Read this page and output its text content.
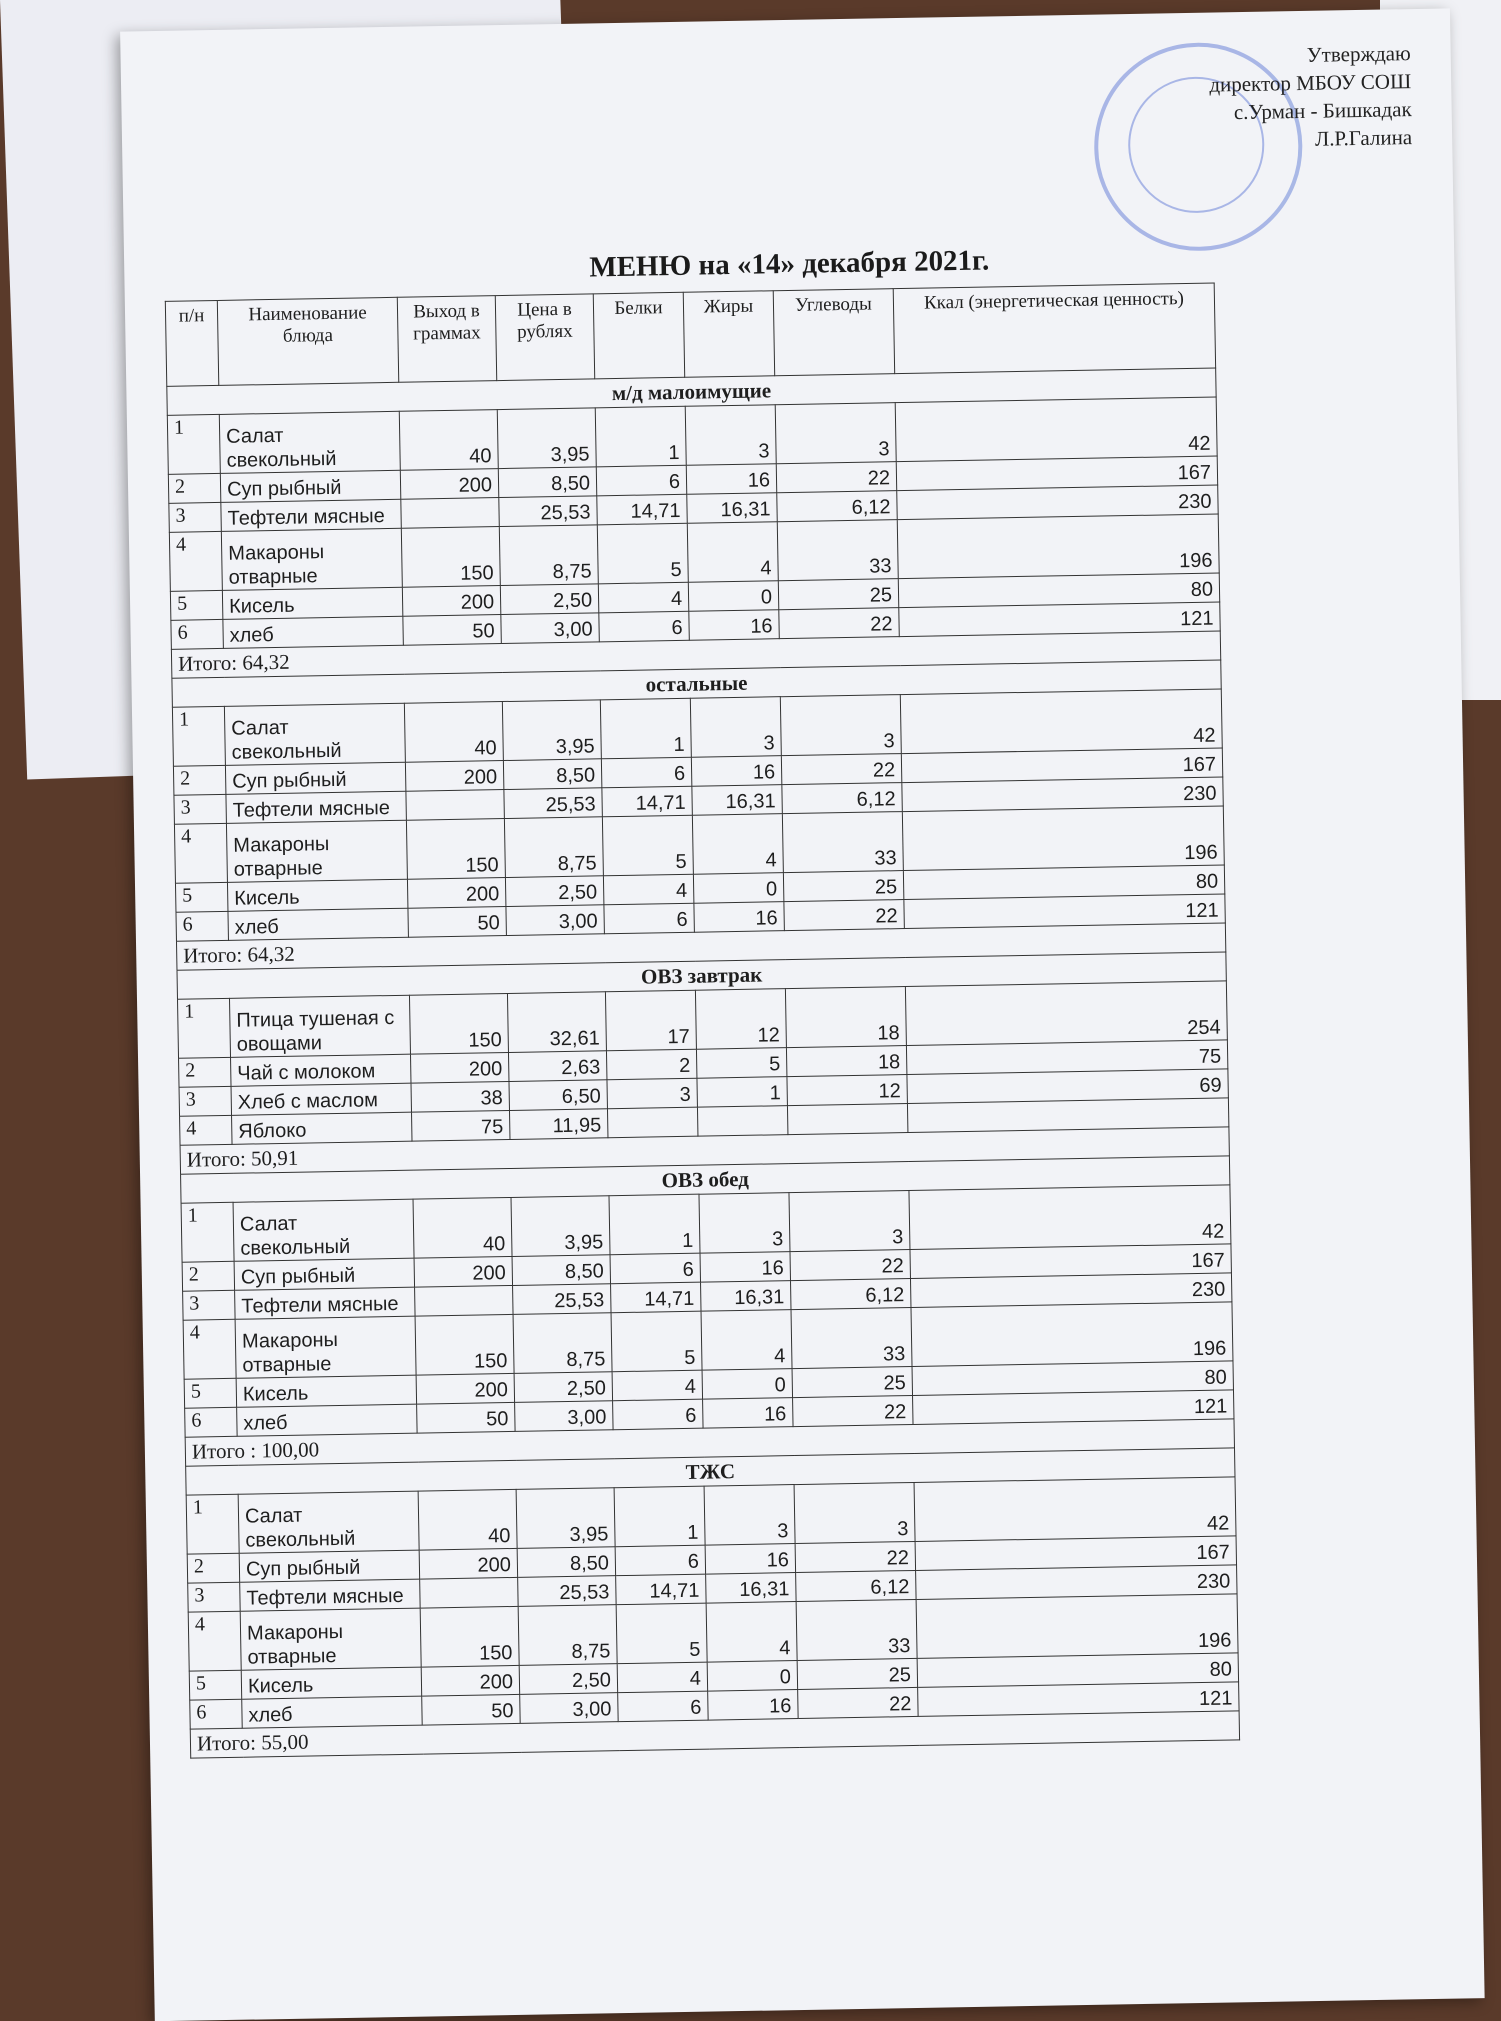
Утверждаю
директор МБОУ СОШ
с.Урман - Бишкадак
Л.Р.Галина
МЕНЮ на «14» декабря 2021г.
п/н	Наименование блюда	Выход в граммах	Цена в рублях	Белки	Жиры	Углеводы	Ккал (энергетическая ценность)
м/д малоимущие							
1	Салат свекольный	40	3,95	1	3	3	42
2	Суп рыбный	200	8,50	6	16	22	167
3	Тефтели мясные		25,53	14,71	16,31	6,12	230
4	Макароны отварные	150	8,75	5	4	33	196
5	Кисель	200	2,50	4	0	25	80
6	хлеб	50	3,00	6	16	22	121
Итого: 64,32							
остальные							
1	Салат свекольный	40	3,95	1	3	3	42
2	Суп рыбный	200	8,50	6	16	22	167
3	Тефтели мясные		25,53	14,71	16,31	6,12	230
4	Макароны отварные	150	8,75	5	4	33	196
5	Кисель	200	2,50	4	0	25	80
6	хлеб	50	3,00	6	16	22	121
Итого: 64,32							
ОВЗ завтрак							
1	Птица тушеная с овощами	150	32,61	17	12	18	254
2	Чай с молоком	200	2,63	2	5	18	75
3	Хлеб с маслом	38	6,50	3	1	12	69
4	Яблоко	75	11,95				
Итого: 50,91							
ОВЗ обед							
1	Салат свекольный	40	3,95	1	3	3	42
2	Суп рыбный	200	8,50	6	16	22	167
3	Тефтели мясные		25,53	14,71	16,31	6,12	230
4	Макароны отварные	150	8,75	5	4	33	196
5	Кисель	200	2,50	4	0	25	80
6	хлеб	50	3,00	6	16	22	121
Итого : 100,00							
ТЖС							
1	Салат свекольный	40	3,95	1	3	3	42
2	Суп рыбный	200	8,50	6	16	22	167
3	Тефтели мясные		25,53	14,71	16,31	6,12	230
4	Макароны отварные	150	8,75	5	4	33	196
5	Кисель	200	2,50	4	0	25	80
6	хлеб	50	3,00	6	16	22	121
Итого: 55,00							
